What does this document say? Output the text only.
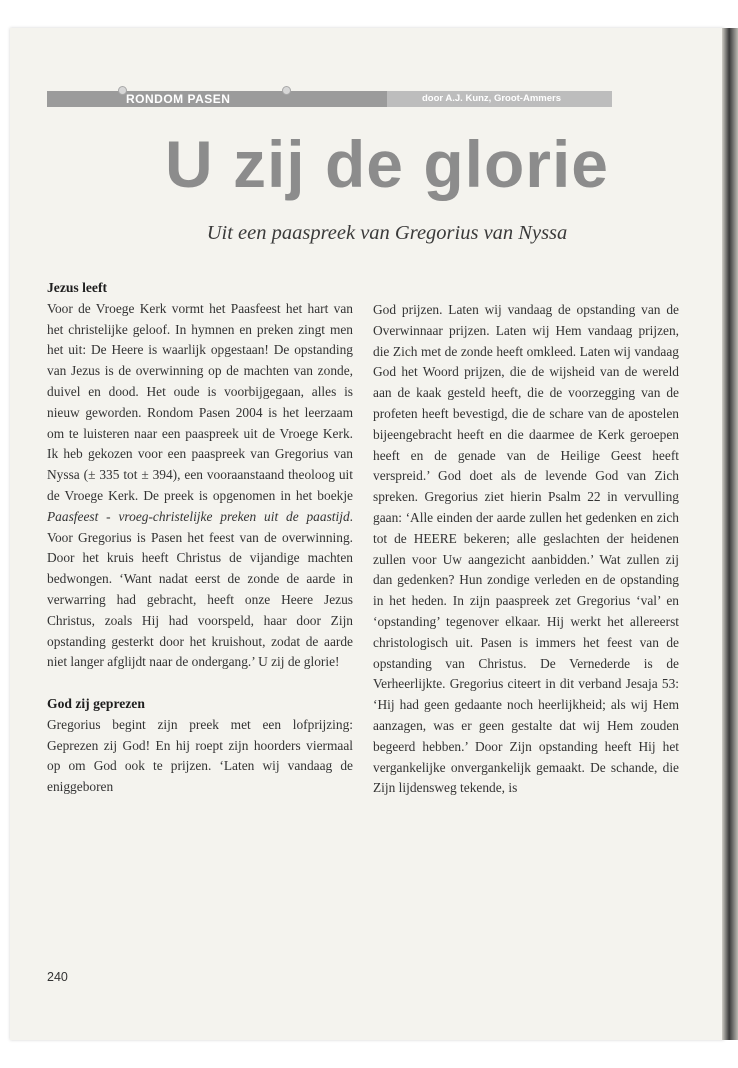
RONDOM PASEN	door A.J. Kunz, Groot-Ammers
U zij de glorie
Uit een paaspreek van Gregorius van Nyssa
Jezus leeft

Voor de Vroege Kerk vormt het Paasfeest het hart van het christelijke geloof. In hymnen en preken zingt men het uit: De Heere is waarlijk opgestaan! De opstanding van Jezus is de overwinning op de machten van zonde, duivel en dood. Het oude is voorbijgegaan, alles is nieuw geworden. Rondom Pasen 2004 is het leerzaam om te luisteren naar een paaspreek uit de Vroege Kerk. Ik heb gekozen voor een paaspreek van Gregorius van Nyssa (± 335 tot ± 394), een vooraanstaand theoloog uit de Vroege Kerk. De preek is opgenomen in het boekje Paasfeest - vroeg-christelijke preken uit de paastijd. Voor Gregorius is Pasen het feest van de overwinning. Door het kruis heeft Christus de vijandige machten bedwongen. ‘Want nadat eerst de zonde de aarde in verwarring had gebracht, heeft onze Heere Jezus Christus, zoals Hij had voorspeld, haar door Zijn opstanding gesterkt door het kruishout, zodat de aarde niet langer afglijdt naar de ondergang.’ U zij de glorie!

God zij geprezen

Gregorius begint zijn preek met een lofprijzing: Geprezen zij God! En hij roept zijn hoorders viermaal op om God ook te prijzen. ‘Laten wij vandaag de eniggeboren

God prijzen. Laten wij vandaag de opstanding van de Overwinnaar prijzen. Laten wij Hem vandaag prijzen, die Zich met de zonde heeft omkleed. Laten wij vandaag God het Woord prijzen, die de wijsheid van de wereld aan de kaak gesteld heeft, die de voorzegging van de profeten heeft bevestigd, die de schare van de apostelen bijeengebracht heeft en die daarmee de Kerk geroepen heeft en de genade van de Heilige Geest heeft verspreid.’ God doet als de levende God van Zich spreken. Gregorius ziet hierin Psalm 22 in vervulling gaan: ‘Alle einden der aarde zullen het gedenken en zich tot de HEERE bekeren; alle geslachten der heidenen zullen voor Uw aangezicht aanbidden.’ Wat zullen zij dan gedenken? Hun zondige verleden en de opstanding in het heden. In zijn paaspreek zet Gregorius ‘val’ en ‘opstanding’ tegenover elkaar. Hij werkt het allereerst christologisch uit. Pasen is immers het feest van de opstanding van Christus. De Vernederde is de Verheerlijkte. Gregorius citeert in dit verband Jesaja 53: ‘Hij had geen gedaante noch heerlijkheid; als wij Hem aanzagen, was er geen gestalte dat wij Hem zouden begeerd hebben.’ Door Zijn opstanding heeft Hij het vergankelijke onvergankelijk gemaakt. De schande, die Zijn lijdensweg tekende, is

240
